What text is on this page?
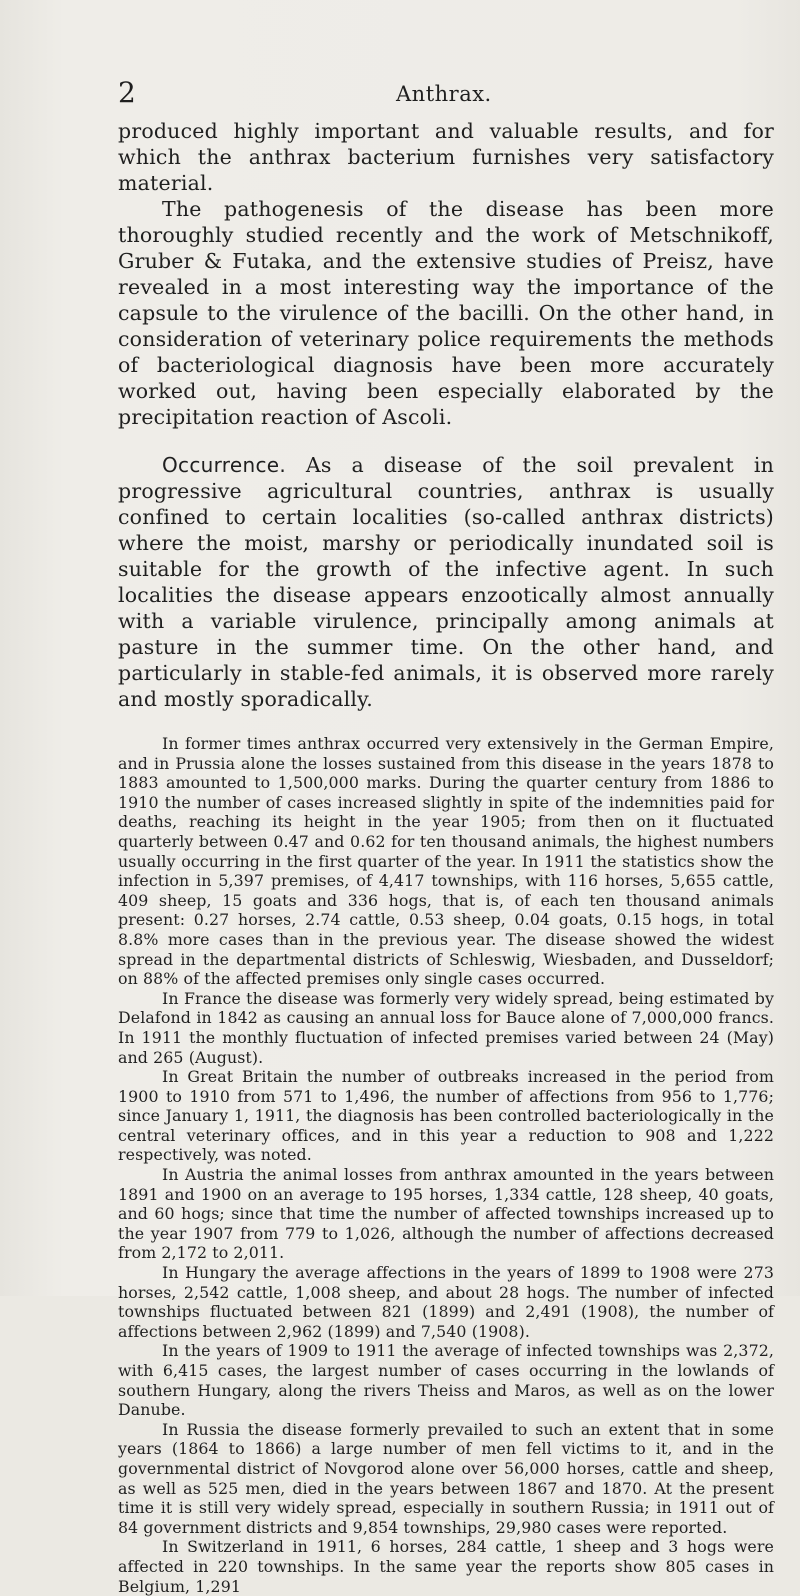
2	Anthrax.

produced highly important and valuable results, and for which the anthrax bacterium furnishes very satisfactory material.

The pathogenesis of the disease has been more thoroughly studied recently and the work of Metschnikoff, Gruber & Futaka, and the extensive studies of Preisz, have revealed in a most interesting way the importance of the capsule to the virulence of the bacilli. On the other hand, in consideration of veterinary police requirements the methods of bacteriological diagnosis have been more accurately worked out, having been especially elaborated by the precipitation reaction of Ascoli.

Occurrence. As a disease of the soil prevalent in progressive agricultural countries, anthrax is usually confined to certain localities (so-called anthrax districts) where the moist, marshy or periodically inundated soil is suitable for the growth of the infective agent. In such localities the disease appears enzootically almost annually with a variable virulence, principally among animals at pasture in the summer time. On the other hand, and particularly in stable-fed animals, it is observed more rarely and mostly sporadically.

In former times anthrax occurred very extensively in the German Empire, and in Prussia alone the losses sustained from this disease in the years 1878 to 1883 amounted to 1,500,000 marks. During the quarter century from 1886 to 1910 the number of cases increased slightly in spite of the indemnities paid for deaths, reaching its height in the year 1905; from then on it fluctuated quarterly between 0.47 and 0.62 for ten thousand animals, the highest numbers usually occurring in the first quarter of the year. In 1911 the statistics show the infection in 5,397 premises, of 4,417 townships, with 116 horses, 5,655 cattle, 409 sheep, 15 goats and 336 hogs, that is, of each ten thousand animals present: 0.27 horses, 2.74 cattle, 0.53 sheep, 0.04 goats, 0.15 hogs, in total 8.8% more cases than in the previous year. The disease showed the widest spread in the departmental districts of Schleswig, Wiesbaden, and Dusseldorf; on 88% of the affected premises only single cases occurred.

In France the disease was formerly very widely spread, being estimated by Delafond in 1842 as causing an annual loss for Bauce alone of 7,000,000 francs. In 1911 the monthly fluctuation of infected premises varied between 24 (May) and 265 (August).

In Great Britain the number of outbreaks increased in the period from 1900 to 1910 from 571 to 1,496, the number of affections from 956 to 1,776; since January 1, 1911, the diagnosis has been controlled bacteriologically in the central veterinary offices, and in this year a reduction to 908 and 1,222 respectively, was noted.

In Austria the animal losses from anthrax amounted in the years between 1891 and 1900 on an average to 195 horses, 1,334 cattle, 128 sheep, 40 goats, and 60 hogs; since that time the number of affected townships increased up to the year 1907 from 779 to 1,026, although the number of affections decreased from 2,172 to 2,011.

In Hungary the average affections in the years of 1899 to 1908 were 273 horses, 2,542 cattle, 1,008 sheep, and about 28 hogs. The number of infected townships fluctuated between 821 (1899) and 2,491 (1908), the number of affections between 2,962 (1899) and 7,540 (1908).

In the years of 1909 to 1911 the average of infected townships was 2,372, with 6,415 cases, the largest number of cases occurring in the lowlands of southern Hungary, along the rivers Theiss and Maros, as well as on the lower Danube.

In Russia the disease formerly prevailed to such an extent that in some years (1864 to 1866) a large number of men fell victims to it, and in the governmental district of Novgorod alone over 56,000 horses, cattle and sheep, as well as 525 men, died in the years between 1867 and 1870. At the present time it is still very widely spread, especially in southern Russia; in 1911 out of 84 government districts and 9,854 townships, 29,980 cases were reported.

In Switzerland in 1911, 6 horses, 284 cattle, 1 sheep and 3 hogs were affected in 220 townships. In the same year the reports show 805 cases in Belgium, 1,291
